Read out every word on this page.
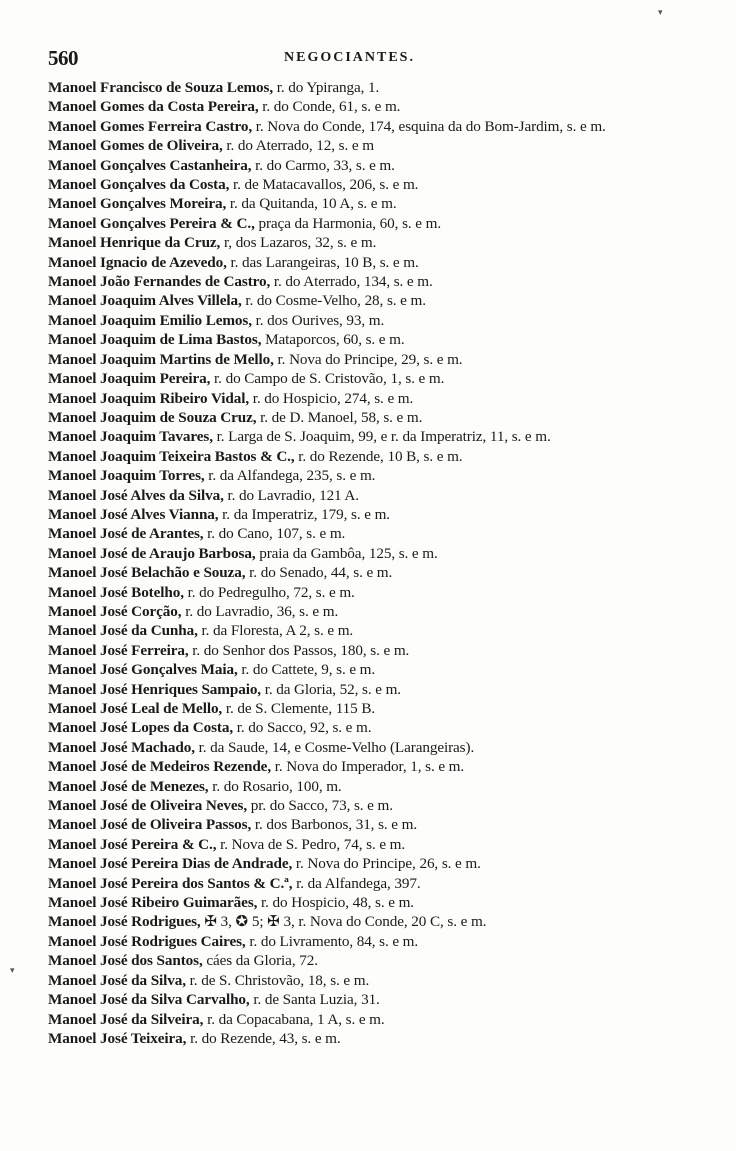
560	NEGOCIANTES.
Manoel Francisco de Souza Lemos, r. do Ypiranga, 1.
Manoel Gomes da Costa Pereira, r. do Conde, 61, s. e m.
Manoel Gomes Ferreira Castro, r. Nova do Conde, 174, esquina da do Bom-Jardim, s. e m.
Manoel Gomes de Oliveira, r. do Aterrado, 12, s. e m
Manoel Gonçalves Castanheira, r. do Carmo, 33, s. e m.
Manoel Gonçalves da Costa, r. de Matacavallos, 206, s. e m.
Manoel Gonçalves Moreira, r. da Quitanda, 10 A, s. e m.
Manoel Gonçalves Pereira & C., praça da Harmonia, 60, s. e m.
Manoel Henrique da Cruz, r, dos Lazaros, 32, s. e m.
Manoel Ignacio de Azevedo, r. das Larangeiras, 10 B, s. e m.
Manoel João Fernandes de Castro, r. do Aterrado, 134, s. e m.
Manoel Joaquim Alves Villela, r. do Cosme-Velho, 28, s. e m.
Manoel Joaquim Emilio Lemos, r. dos Ourives, 93, m.
Manoel Joaquim de Lima Bastos, Mataporcos, 60, s. e m.
Manoel Joaquim Martins de Mello, r. Nova do Principe, 29, s. e m.
Manoel Joaquim Pereira, r. do Campo de S. Cristovão, 1, s. e m.
Manoel Joaquim Ribeiro Vidal, r. do Hospicio, 274, s. e m.
Manoel Joaquim de Souza Cruz, r. de D. Manoel, 58, s. e m.
Manoel Joaquim Tavares, r. Larga de S. Joaquim, 99, e r. da Imperatriz, 11, s. e m.
Manoel Joaquim Teixeira Bastos & C., r. do Rezende, 10 B, s. e m.
Manoel Joaquim Torres, r. da Alfandega, 235, s. e m.
Manoel José Alves da Silva, r. do Lavradio, 121 A.
Manoel José Alves Vianna, r. da Imperatriz, 179, s. e m.
Manoel José de Arantes, r. do Cano, 107, s. e m.
Manoel José de Araujo Barbosa, praia da Gambôa, 125, s. e m.
Manoel José Belachão e Souza, r. do Senado, 44, s. e m.
Manoel José Botelho, r. do Pedregulho, 72, s. e m.
Manoel José Corção, r. do Lavradio, 36, s. e m.
Manoel José da Cunha, r. da Floresta, A 2, s. e m.
Manoel José Ferreira, r. do Senhor dos Passos, 180, s. e m.
Manoel José Gonçalves Maia, r. do Cattete, 9, s. e m.
Manoel José Henriques Sampaio, r. da Gloria, 52, s. e m.
Manoel José Leal de Mello, r. de S. Clemente, 115 B.
Manoel José Lopes da Costa, r. do Sacco, 92, s. e m.
Manoel José Machado, r. da Saude, 14, e Cosme-Velho (Larangeiras).
Manoel José de Medeiros Rezende, r. Nova do Imperador, 1, s. e m.
Manoel José de Menezes, r. do Rosario, 100, m.
Manoel José de Oliveira Neves, pr. do Sacco, 73, s. e m.
Manoel José de Oliveira Passos, r. dos Barbonos, 31, s. e m.
Manoel José Pereira & C., r. Nova de S. Pedro, 74, s. e m.
Manoel José Pereira Dias de Andrade, r. Nova do Principe, 26, s. e m.
Manoel José Pereira dos Santos & C.ª, r. da Alfandega, 397.
Manoel José Ribeiro Guimarães, r. do Hospicio, 48, s. e m.
Manoel José Rodrigues, ✠ 3, ✪ 5; ✠ 3, r. Nova do Conde, 20 C, s. e m.
Manoel José Rodrigues Caires, r. do Livramento, 84, s. e m.
Manoel José dos Santos, cáes da Gloria, 72.
Manoel José da Silva, r. de S. Christovão, 18, s. e m.
Manoel José da Silva Carvalho, r. de Santa Luzia, 31.
Manoel José da Silveira, r. da Copacabana, 1 A, s. e m.
Manoel José Teixeira, r. do Rezende, 43, s. e m.
▾
▾
